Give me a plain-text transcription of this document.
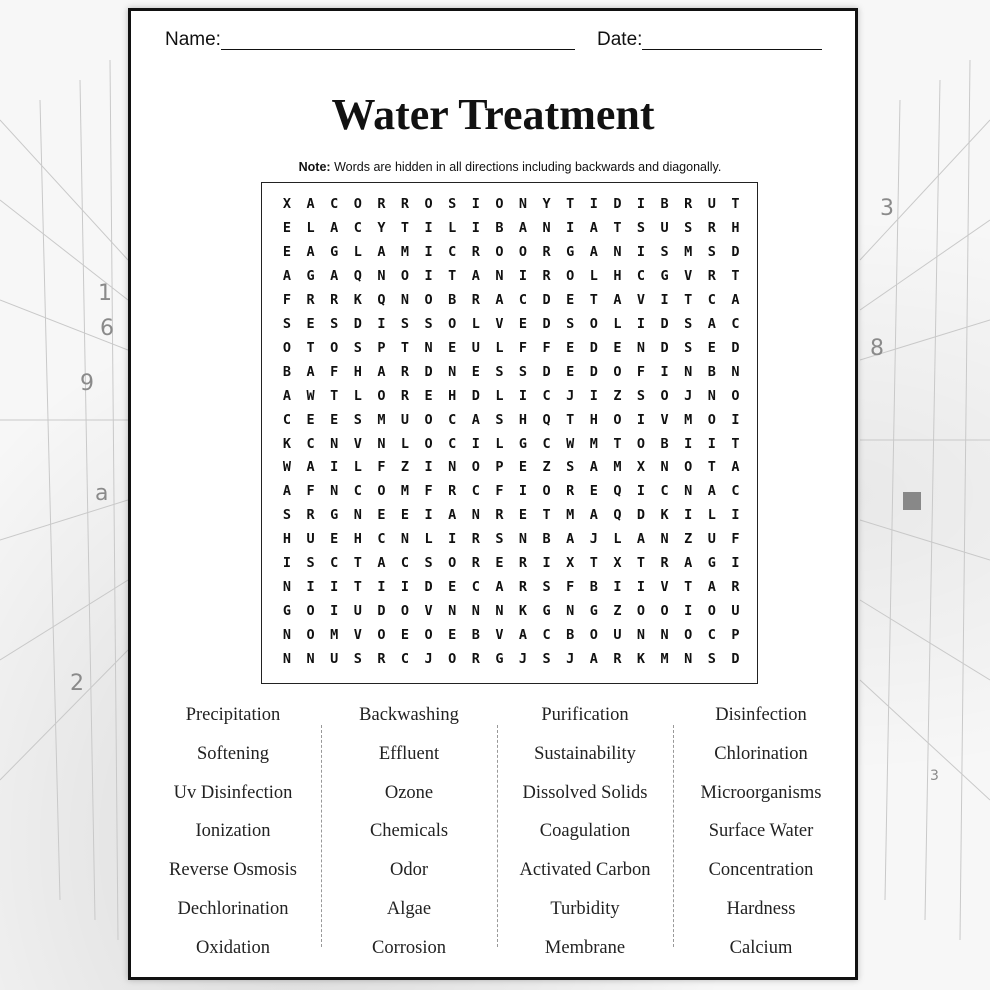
1
6
9
a
2
3
8
3
Name:	Date:
Water Treatment
Note: Words are hidden in all directions including backwards and diagonally.
X	A	C	O	R	R	O	S	I	O	N	Y	T	I	D	I	B	R	U	T
E	L	A	C	Y	T	I	L	I	B	A	N	I	A	T	S	U	S	R	H
E	A	G	L	A	M	I	C	R	O	O	R	G	A	N	I	S	M	S	D
A	G	A	Q	N	O	I	T	A	N	I	R	O	L	H	C	G	V	R	T
F	R	R	K	Q	N	O	B	R	A	C	D	E	T	A	V	I	T	C	A
S	E	S	D	I	S	S	O	L	V	E	D	S	O	L	I	D	S	A	C
O	T	O	S	P	T	N	E	U	L	F	F	E	D	E	N	D	S	E	D
B	A	F	H	A	R	D	N	E	S	S	D	E	D	O	F	I	N	B	N
A	W	T	L	O	R	E	H	D	L	I	C	J	I	Z	S	O	J	N	O
C	E	E	S	M	U	O	C	A	S	H	Q	T	H	O	I	V	M	O	I
K	C	N	V	N	L	O	C	I	L	G	C	W	M	T	O	B	I	I	T
W	A	I	L	F	Z	I	N	O	P	E	Z	S	A	M	X	N	O	T	A
A	F	N	C	O	M	F	R	C	F	I	O	R	E	Q	I	C	N	A	C
S	R	G	N	E	E	I	A	N	R	E	T	M	A	Q	D	K	I	L	I
H	U	E	H	C	N	L	I	R	S	N	B	A	J	L	A	N	Z	U	F
I	S	C	T	A	C	S	O	R	E	R	I	X	T	X	T	R	A	G	I
N	I	I	T	I	I	D	E	C	A	R	S	F	B	I	I	V	T	A	R
G	O	I	U	D	O	V	N	N	N	K	G	N	G	Z	O	O	I	O	U
N	O	M	V	O	E	O	E	B	V	A	C	B	O	U	N	N	O	C	P
N	N	U	S	R	C	J	O	R	G	J	S	J	A	R	K	M	N	S	D
Precipitation
Softening
Uv Disinfection
Ionization
Reverse Osmosis
Dechlorination
Oxidation
Backwashing
Effluent
Ozone
Chemicals
Odor
Algae
Corrosion
Purification
Sustainability
Dissolved Solids
Coagulation
Activated Carbon
Turbidity
Membrane
Disinfection
Chlorination
Microorganisms
Surface Water
Concentration
Hardness
Calcium
